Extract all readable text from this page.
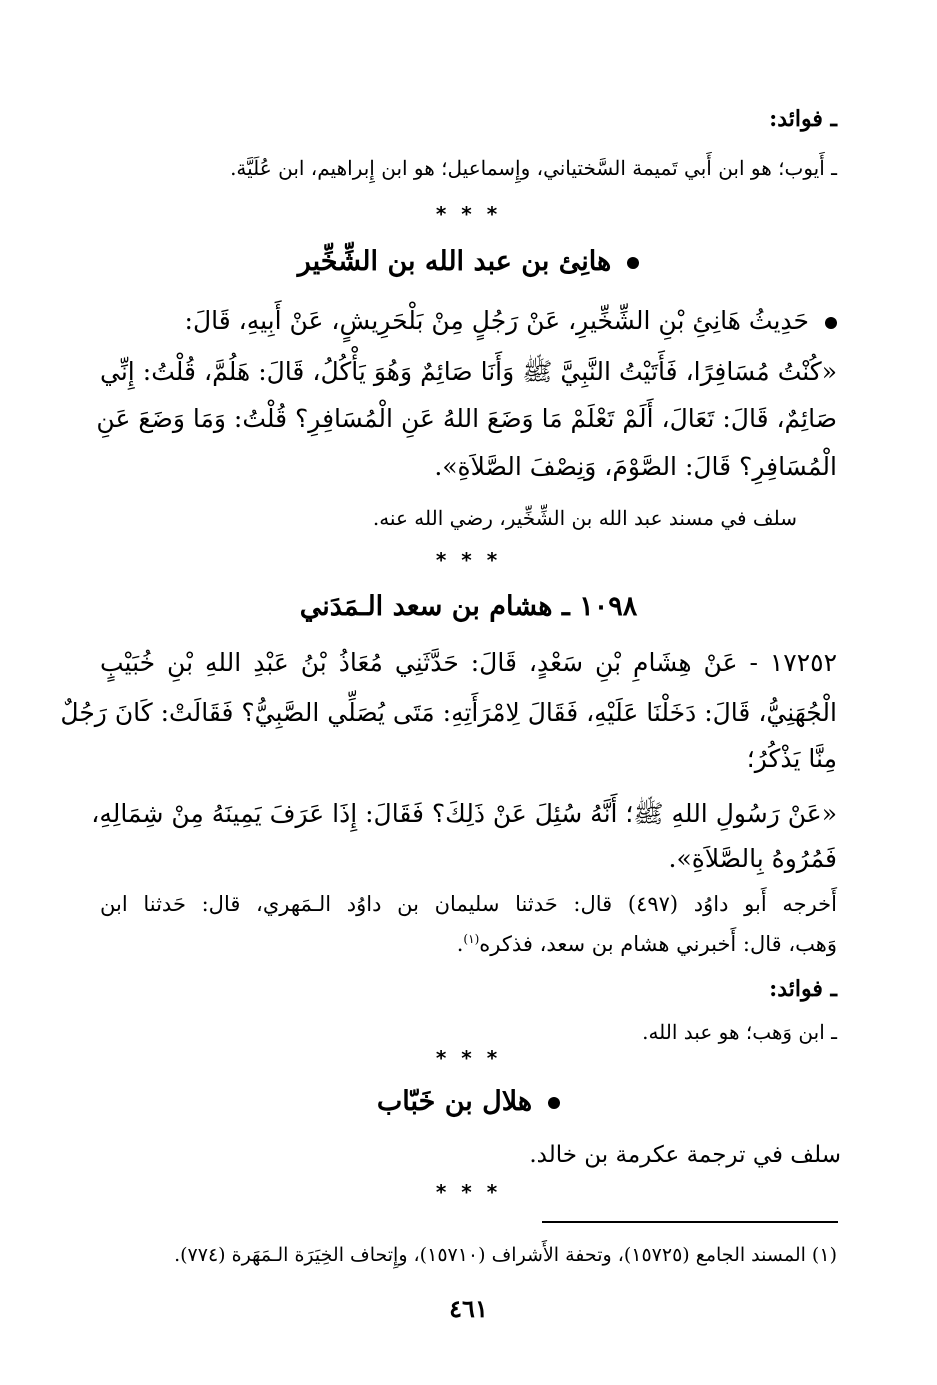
ـ فوائد:
ـ أَيوب؛ هو ابن أَبي تَميمة السَّختياني، وإِسماعيل؛ هو ابن إِبراهيم، ابن عُلَيَّة.
* * *
هانِئ بن عبد الله بن الشِّخِّير
حَدِيثُ هَانِئِ بْنِ الشِّخِّيرِ، عَنْ رَجُلٍ مِنْ بَلْحَرِيشٍ، عَنْ أَبِيهِ، قَالَ:
«كُنْتُ مُسَافِرًا، فَأَتَيْتُ النَّبِيَّ ﷺ وَأَنَا صَائِمٌ وَهُوَ يَأْكُلُ، قَالَ: هَلُمَّ، قُلْتُ: إِنِّي
صَائِمٌ، قَالَ: تَعَالَ، أَلَمْ تَعْلَمْ مَا وَضَعَ اللهُ عَنِ الْمُسَافِرِ؟ قُلْتُ: وَمَا وَضَعَ عَنِ
الْمُسَافِرِ؟ قَالَ: الصَّوْمَ، وَنِصْفَ الصَّلاَةِ».
سلف في مسند عبد الله بن الشِّخِّير، رضي الله عنه.
* * *
١٠٩٨ ـ هشام بن سعد الـمَدَني
١٧٢٥٢ - عَنْ هِشَامِ بْنِ سَعْدٍ، قَالَ: حَدَّثَنِي مُعَاذُ بْنُ عَبْدِ اللهِ بْنِ خُبَيْبٍ
الْجُهَنِيُّ، قَالَ: دَخَلْنَا عَلَيْهِ، فَقَالَ لِامْرَأَتِهِ: مَتَى يُصَلِّي الصَّبِيُّ؟ فَقَالَتْ: كَانَ رَجُلٌ
مِنَّا يَذْكُرُ؛
«عَنْ رَسُولِ اللهِ ﷺ؛ أَنَّهُ سُئِلَ عَنْ ذَلِكَ؟ فَقَالَ: إِذَا عَرَفَ يَمِينَهُ مِنْ شِمَالِهِ،
فَمُرُوهُ بِالصَّلاَةِ».
أَخرجه أَبو داوُد (٤٩٧) قال: حَدثنا سليمان بن داوُد الـمَهري، قال: حَدثنا ابن
وَهب، قال: أَخبرني هشام بن سعد، فذكره$^{(١)}$.
ـ فوائد:
ـ ابن وَهب؛ هو عبد الله.
* * *
هلال بن خَبّاب
سلف في ترجمة عكرمة بن خالد.
* * *
(١) المسند الجامع (١٥٧٢٥)، وتحفة الأَشراف (١٥٧١٠)، وإِتحاف الخِيَرَة الـمَهَرة (٧٧٤).
٤٦١
